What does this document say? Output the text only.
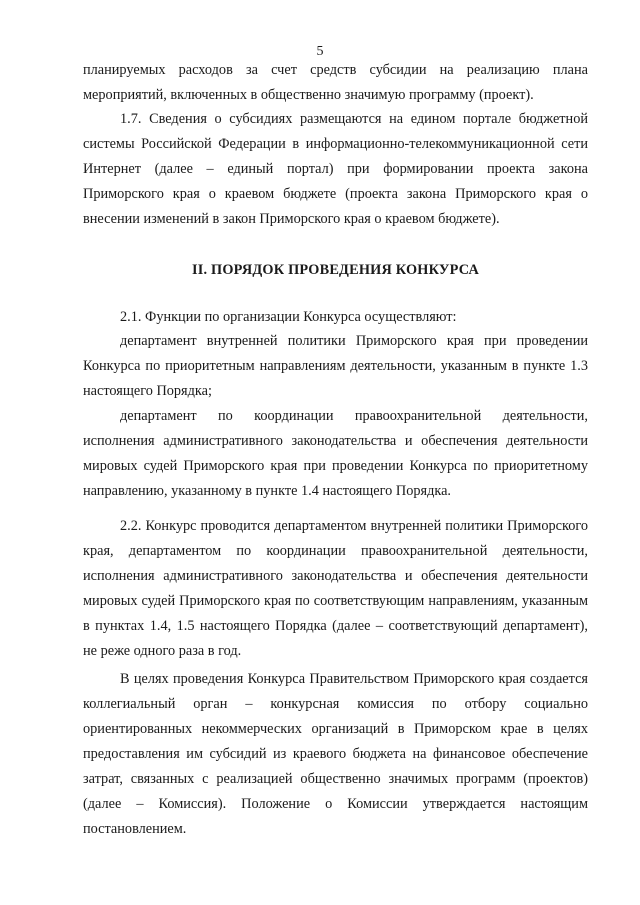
5

планируемых расходов за счет средств субсидии на реализацию плана мероприятий, включенных в общественно значимую программу (проект).

1.7. Сведения о субсидиях размещаются на едином портале бюджетной системы Российской Федерации в информационно-телекоммуникационной сети Интернет (далее – единый портал) при формировании проекта закона Приморского края о краевом бюджете (проекта закона Приморского края о внесении изменений в закон Приморского края о краевом бюджете).

II. ПОРЯДОК ПРОВЕДЕНИЯ КОНКУРСА

2.1. Функции по организации Конкурса осуществляют:

департамент внутренней политики Приморского края при проведении Конкурса по приоритетным направлениям деятельности, указанным в пункте 1.3 настоящего Порядка;

департамент по координации правоохранительной деятельности, исполнения административного законодательства и обеспечения деятельности мировых судей Приморского края при проведении Конкурса по приоритетному направлению, указанному в пункте 1.4 настоящего Порядка.

2.2. Конкурс проводится департаментом внутренней политики Приморского края, департаментом по координации правоохранительной деятельности, исполнения административного законодательства и обеспечения деятельности мировых судей Приморского края по соответствующим направлениям, указанным в пунктах 1.4, 1.5 настоящего Порядка (далее – соответствующий департамент), не реже одного раза в год.

В целях проведения Конкурса Правительством Приморского края создается коллегиальный орган – конкурсная комиссия по отбору социально ориентированных некоммерческих организаций в Приморском крае в целях предоставления им субсидий из краевого бюджета на финансовое обеспечение затрат, связанных с реализацией общественно значимых программ (проектов) (далее – Комиссия). Положение о Комиссии утверждается настоящим постановлением.
